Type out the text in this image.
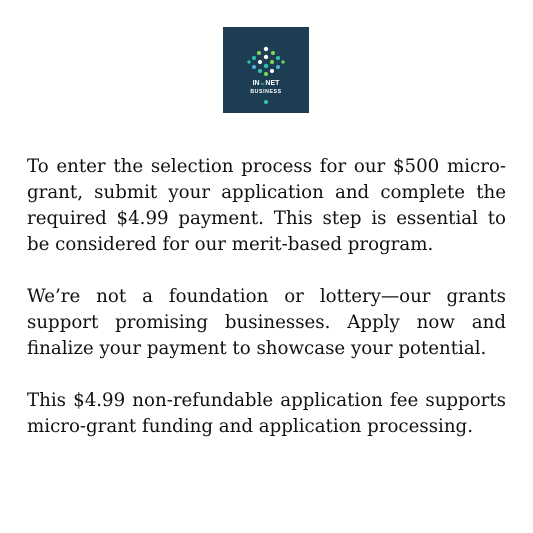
INtoNET
BUSINESS

To enter the selection process for our $500 micro-grant, submit your application and complete the required $4.99 payment. This step is essential to be considered for our merit-based program.

We’re not a foundation or lottery—our grants support promising businesses. Apply now and finalize your payment to showcase your potential.

This $4.99 non-refundable application fee supports micro-grant funding and application processing.
